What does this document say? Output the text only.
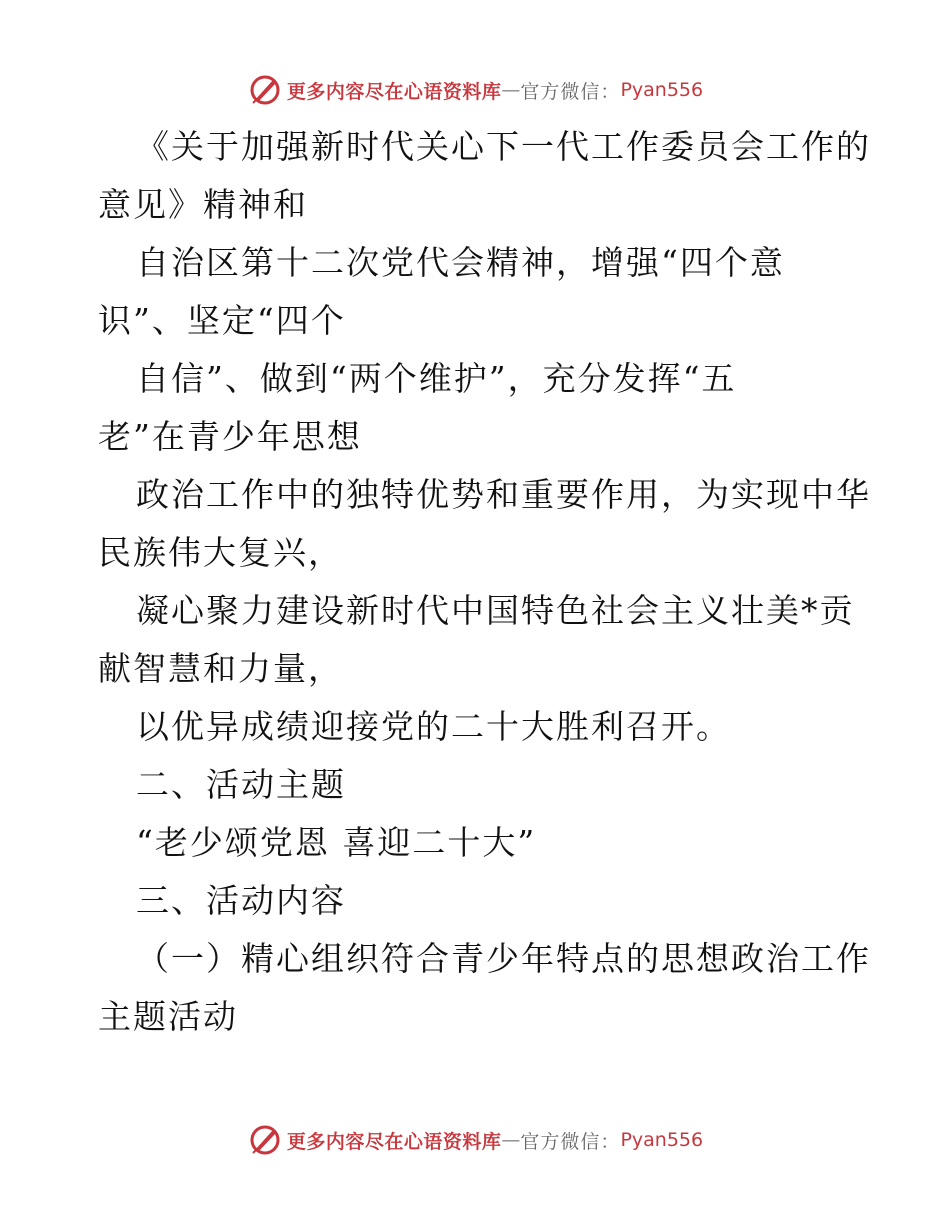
更多内容尽在心语资料库 — 官方微信： Pyan556
《关于加强新时代关心下一代工作委员会工作的
意见》精神和
自治区第十二次党代会精神，增强“四个意
识”、坚定“四个
自信”、做到“两个维护”，充分发挥“五
老”在青少年思想
政治工作中的独特优势和重要作用，为实现中华
民族伟大复兴，
凝心聚力建设新时代中国特色社会主义壮美*贡
献智慧和力量，
以优异成绩迎接党的二十大胜利召开。
二、活动主题
“老少颂党恩 喜迎二十大”
三、活动内容
（一）精心组织符合青少年特点的思想政治工作
主题活动
更多内容尽在心语资料库 — 官方微信： Pyan556
